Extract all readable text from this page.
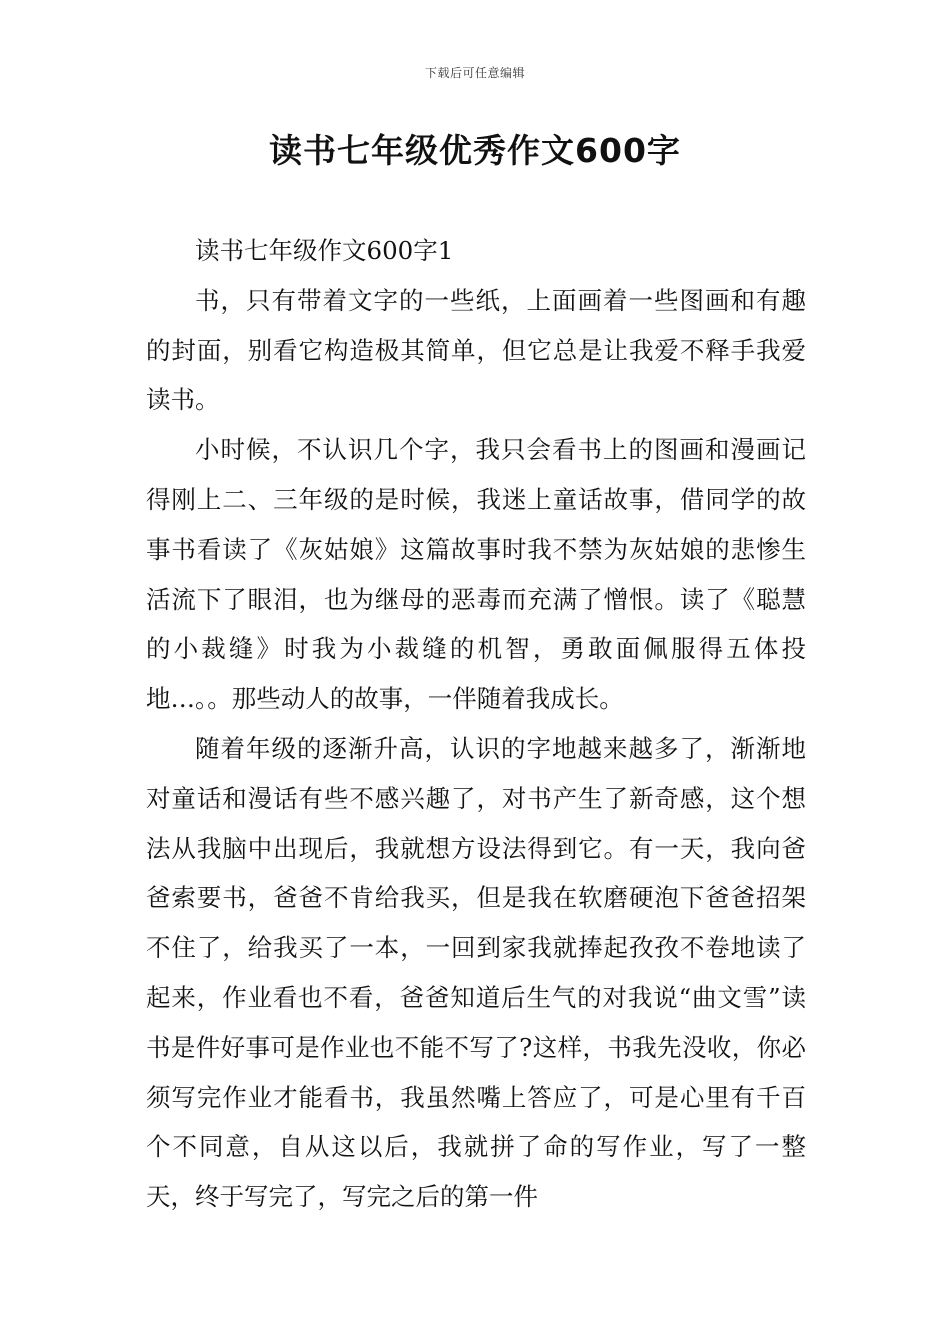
下载后可任意编辑
读书七年级优秀作文600字

读书七年级作文600字1

书，只有带着文字的一些纸，上面画着一些图画和有趣的封面，别看它构造极其简单，但它总是让我爱不释手我爱读书。

小时候，不认识几个字，我只会看书上的图画和漫画记得刚上二、三年级的是时候，我迷上童话故事，借同学的故事书看读了《灰姑娘》这篇故事时我不禁为灰姑娘的悲惨生活流下了眼泪，也为继母的恶毒而充满了憎恨。读了《聪慧的小裁缝》时我为小裁缝的机智，勇敢面佩服得五体投地…。。那些动人的故事，一伴随着我成长。

随着年级的逐渐升高，认识的字地越来越多了，渐渐地对童话和漫话有些不感兴趣了，对书产生了新奇感，这个想法从我脑中出现后，我就想方设法得到它。有一天，我向爸爸索要书，爸爸不肯给我买，但是我在软磨硬泡下爸爸招架不住了，给我买了一本，一回到家我就捧起孜孜不卷地读了起来，作业看也不看，爸爸知道后生气的对我说“曲文雪”读书是件好事可是作业也不能不写了?这样，书我先没收，你必须写完作业才能看书，我虽然嘴上答应了，可是心里有千百个不同意，自从这以后，我就拼了命的写作业，写了一整天，终于写完了，写完之后的第一件
